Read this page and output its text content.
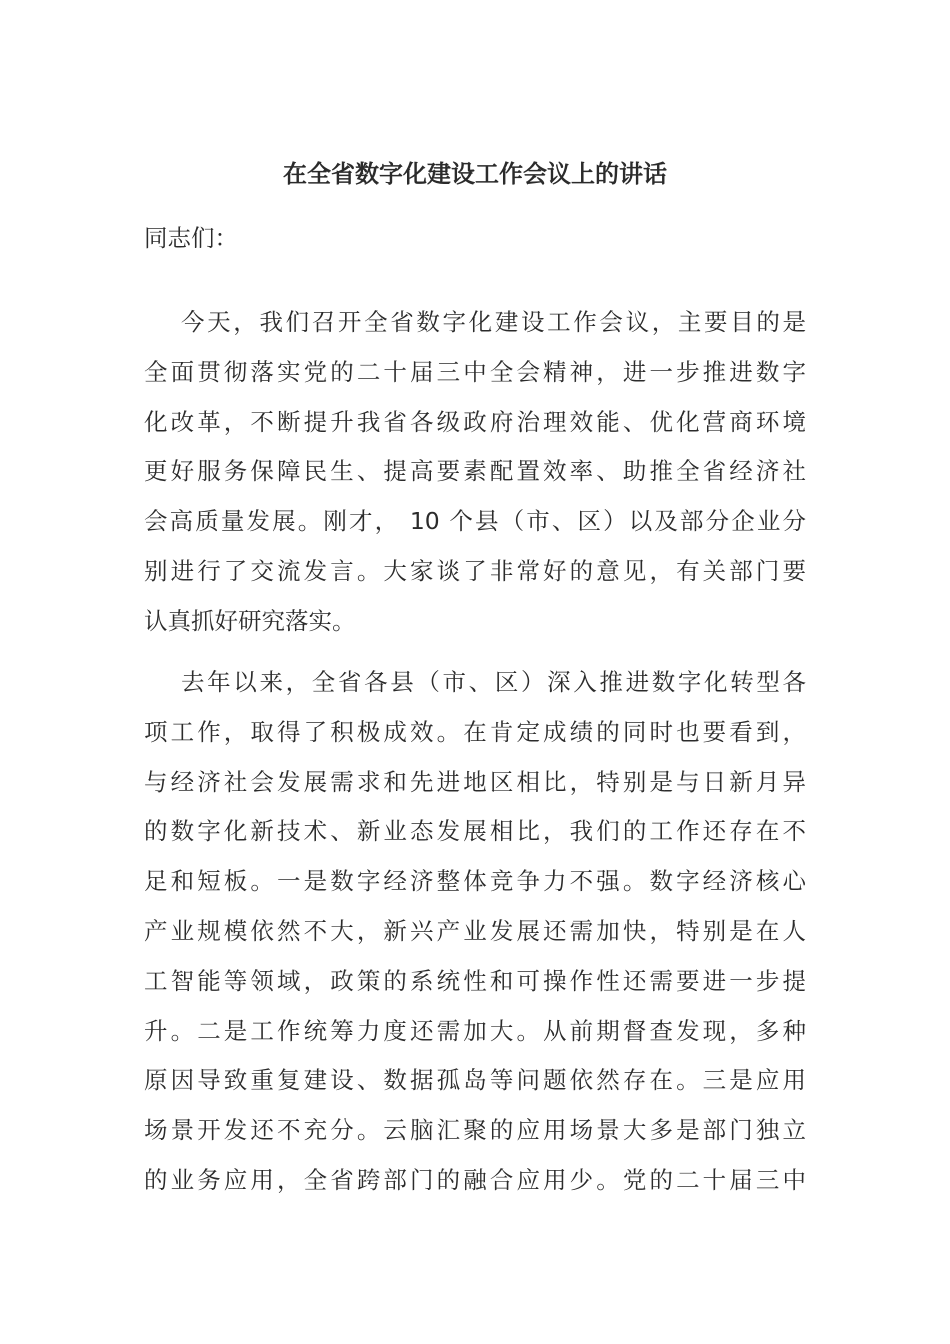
在全省数字化建设工作会议上的讲话
同志们：
今天，我们召开全省数字化建设工作会议，主要目的是
全面贯彻落实党的二十届三中全会精神，进一步推进数字
化改革，不断提升我省各级政府治理效能、优化营商环境
更好服务保障民生、提高要素配置效率、助推全省经济社
会高质量发展。刚才， 10 个县（市、区）以及部分企业分
别进行了交流发言。大家谈了非常好的意见，有关部门要
认真抓好研究落实。
去年以来，全省各县（市、区）深入推进数字化转型各
项工作，取得了积极成效。在肯定成绩的同时也要看到，
与经济社会发展需求和先进地区相比，特别是与日新月异
的数字化新技术、新业态发展相比，我们的工作还存在不
足和短板。一是数字经济整体竞争力不强。数字经济核心
产业规模依然不大，新兴产业发展还需加快，特别是在人
工智能等领域，政策的系统性和可操作性还需要进一步提
升。二是工作统筹力度还需加大。从前期督查发现，多种
原因导致重复建设、数据孤岛等问题依然存在。三是应用
场景开发还不充分。云脑汇聚的应用场景大多是部门独立
的业务应用，全省跨部门的融合应用少。党的二十届三中
